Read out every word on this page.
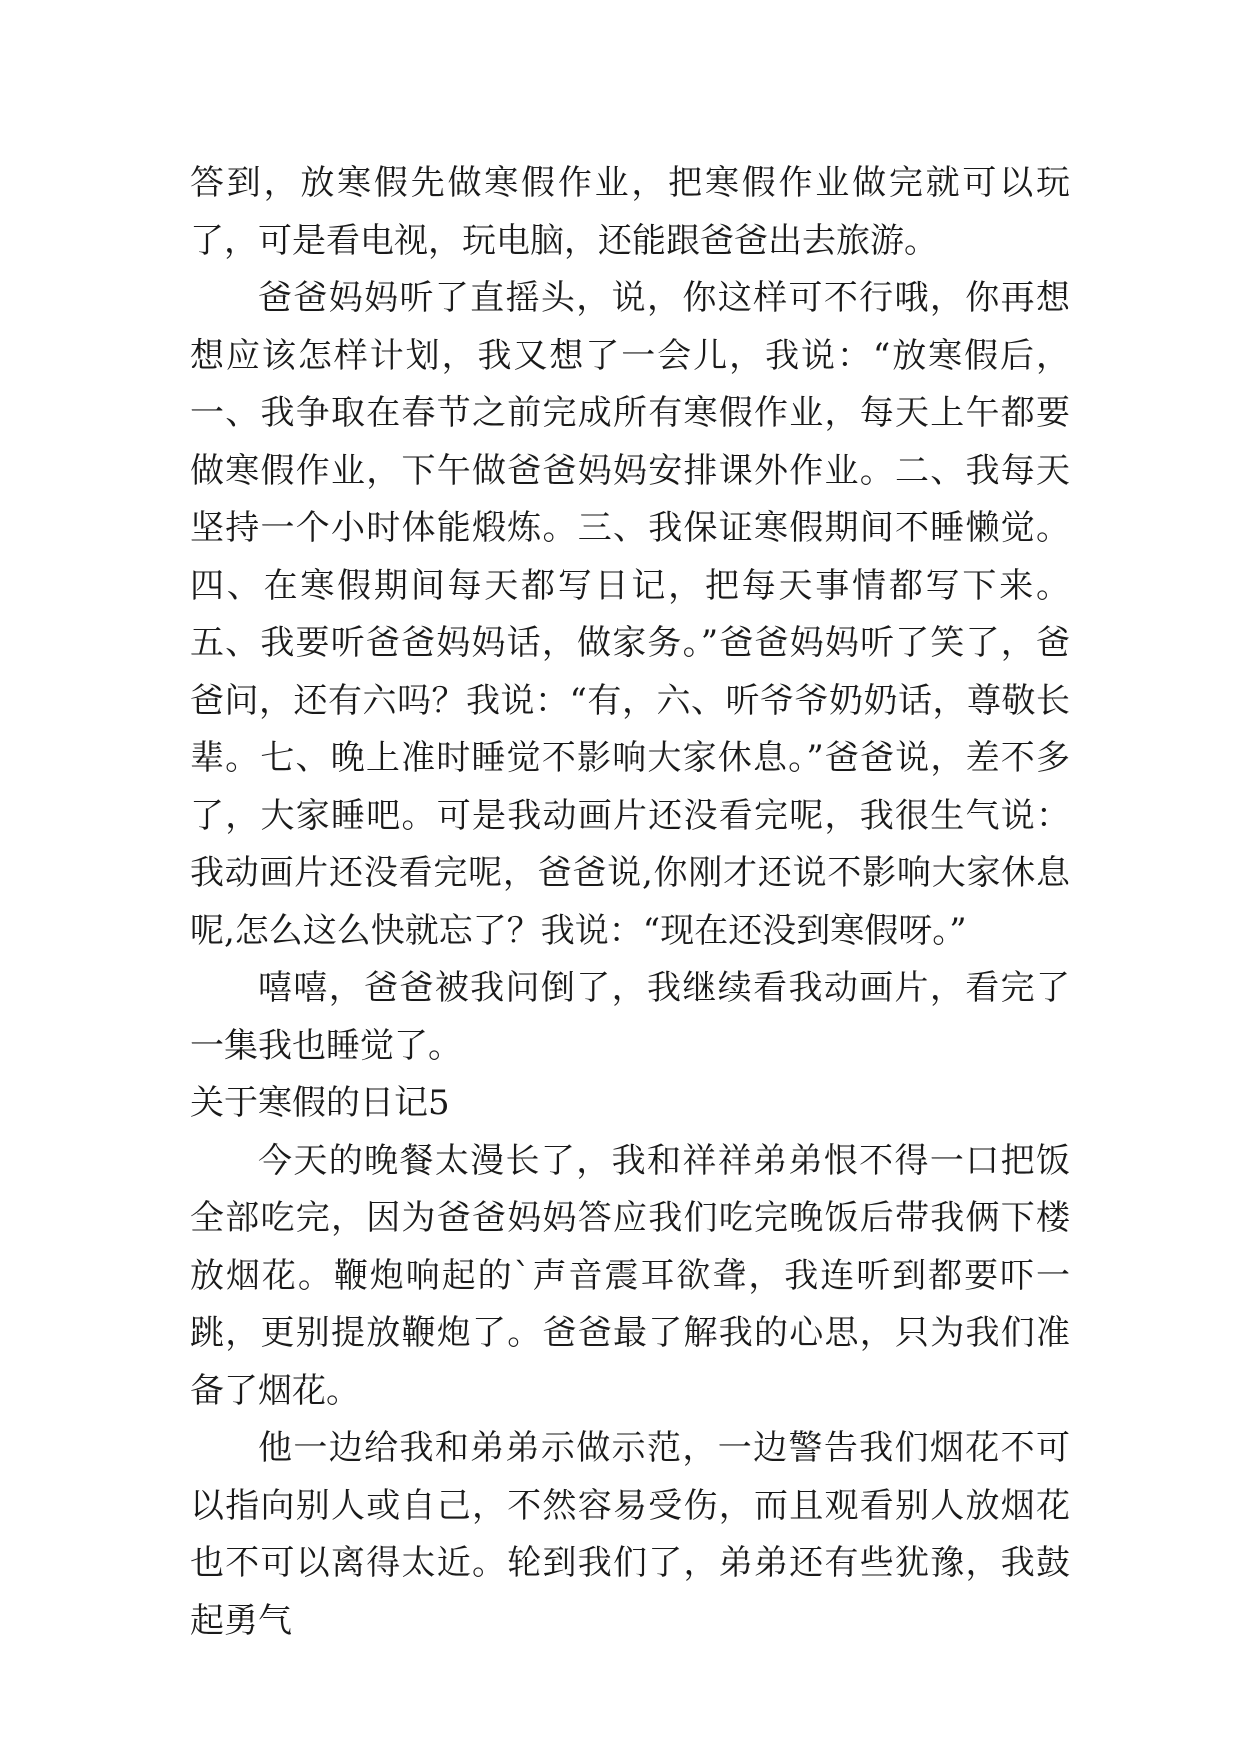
答到，放寒假先做寒假作业，把寒假作业做完就可以玩了，可是看电视，玩电脑，还能跟爸爸出去旅游。

爸爸妈妈听了直摇头，说，你这样可不行哦，你再想想应该怎样计划，我又想了一会儿，我说：“放寒假后，一、我争取在春节之前完成所有寒假作业，每天上午都要做寒假作业，下午做爸爸妈妈安排课外作业。二、我每天坚持一个小时体能煅炼。三、我保证寒假期间不睡懒觉。四、在寒假期间每天都写日记，把每天事情都写下来。五、我要听爸爸妈妈话，做家务。”爸爸妈妈听了笑了，爸爸问，还有六吗？我说：“有，六、听爷爷奶奶话，尊敬长辈。七、晚上准时睡觉不影响大家休息。”爸爸说，差不多了，大家睡吧。可是我动画片还没看完呢，我很生气说：我动画片还没看完呢，爸爸说,你刚才还说不影响大家休息呢,怎么这么快就忘了？我说：“现在还没到寒假呀。”

嘻嘻，爸爸被我问倒了，我继续看我动画片，看完了一集我也睡觉了。

关于寒假的日记5

今天的晚餐太漫长了，我和祥祥弟弟恨不得一口把饭全部吃完，因为爸爸妈妈答应我们吃完晚饭后带我俩下楼放烟花。鞭炮响起的`声音震耳欲聋，我连听到都要吓一跳，更别提放鞭炮了。爸爸最了解我的心思，只为我们准备了烟花。

他一边给我和弟弟示做示范，一边警告我们烟花不可以指向别人或自己，不然容易受伤，而且观看别人放烟花也不可以离得太近。轮到我们了，弟弟还有些犹豫，我鼓起勇气
